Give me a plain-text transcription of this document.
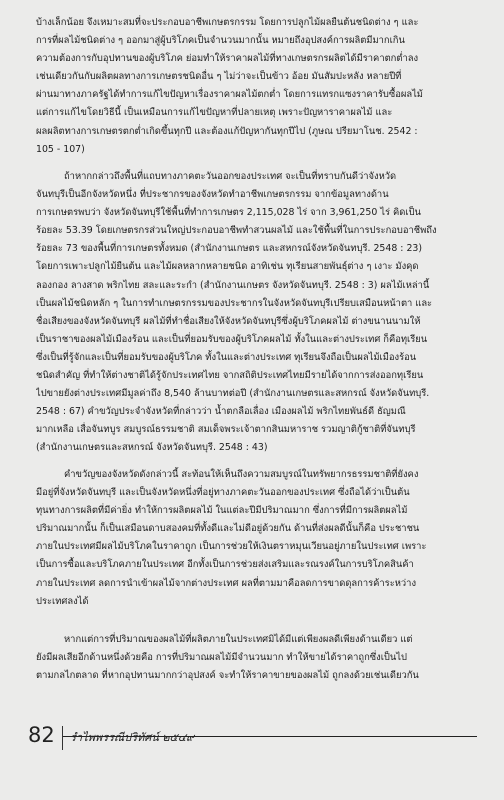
บ้างเล็กน้อย จึงเหมาะสมที่จะประกอบอาชีพเกษตรกรรม โดยการปลูกไม้ผลยืนต้นชนิดต่าง ๆ และ
การที่ผลไม้ชนิดต่าง ๆ ออกมาสู่ผู้บริโภคเป็นจำนวนมากนั้น หมายถึงอุปสงค์การผลิตมีมากเกิน
ความต้องการกับอุปทานของผู้บริโภค ย่อมทำให้ราคาผลไม้ที่ทางเกษตรกรผลิตได้มีราคาตกต่ำลง
เช่นเดียวกันกับผลิตผลทางการเกษตรชนิดอื่น ๆ ไม่ว่าจะเป็นข้าว อ้อย มันสัมปะหลัง หลายปีที่
ผ่านมาทางภาครัฐได้ทำการแก้ไขปัญหาเรื่องราคาผลไม้ตกต่ำ โดยการแทรกแซงราคารับซื้อผลไม้
แต่การแก้ไขโดยวิธีนี้ เป็นเหมือนการแก้ไขปัญหาที่ปลายเหตุ เพราะปัญหาราคาผลไม้ และ
ผลผลิตทางการเกษตรตกต่ำเกิดขึ้นทุกปี และต้องแก้ปัญหากันทุกปีไป (ภูษณ ปรียมาโนช. 2542 :
105 - 107)
ถ้าหากกล่าวถึงพื้นที่แถบทางภาคตะวันออกของประเทศ จะเป็นที่ทราบกันดีว่าจังหวัด
จันทบุรีเป็นอีกจังหวัดหนึ่ง ที่ประชากรของจังหวัดทำอาชีพเกษตรกรรม จากข้อมูลทางด้าน
การเกษตรพบว่า จังหวัดจันทบุรีใช้พื้นที่ทำการเกษตร 2,115,028 ไร่ จาก 3,961,250 ไร่ คิดเป็น
ร้อยละ 53.39 โดยเกษตรกรส่วนใหญ่ประกอบอาชีพทำสวนผลไม้ และใช้พื้นที่ในการประกอบอาชีพถึง
ร้อยละ 73 ของพื้นที่การเกษตรทั้งหมด (สำนักงานเกษตร และสหกรณ์จังหวัดจันทบุรี. 2548 : 23)
โดยการเพาะปลูกไม้ยืนต้น และไม้ผลหลากหลายชนิด อาทิเช่น ทุเรียนสายพันธุ์ต่าง ๆ เงาะ มังคุด
ลองกอง ลางสาด พริกไทย สละและระกำ (สำนักงานเกษตร จังหวัดจันทบุรี. 2548 : 3) ผลไม้เหล่านี้
เป็นผลไม้ชนิดหลัก ๆ ในการทำเกษตรกรรมของประชากรในจังหวัดจันทบุรีเปรียบเสมือนหน้าตา และ
ชื่อเสียงของจังหวัดจันทบุรี ผลไม้ที่ทำชื่อเสียงให้จังหวัดจันทบุรีซึ่งผู้บริโภคผลไม้ ต่างขนานนามให้
เป็นราชาของผลไม้เมืองร้อน และเป็นที่ยอมรับของผู้บริโภคผลไม้ ทั้งในและต่างประเทศ ก็คือทุเรียน
ซึ่งเป็นที่รู้จักและเป็นที่ยอมรับของผู้บริโภค ทั้งในและต่างประเทศ ทุเรียนจึงถือเป็นผลไม้เมืองร้อน
ชนิดสำคัญ ที่ทำให้ต่างชาติได้รู้จักประเทศไทย จากสถิติประเทศไทยมีรายได้จากการส่งออกทุเรียน
ไปขายยังต่างประเทศมีมูลค่าถึง 8,540 ล้านบาทต่อปี (สำนักงานเกษตรและสหกรณ์ จังหวัดจันทบุรี.
2548 : 67) คำขวัญประจำจังหวัดที่กล่าวว่า น้ำตกลือเลื่อง เมืองผลไม้ พริกไทยพันธ์ดี ธัญมณี
มากเหลือ เสื่อจันทบูร สมบูรณ์ธรรมชาติ สมเด็จพระเจ้าตากสินมหาราช รวมญาติกู้ชาติที่จันทบุรี
(สำนักงานเกษตรและสหกรณ์ จังหวัดจันทบุรี. 2548 : 43)
คำขวัญของจังหวัดดังกล่าวนี้ สะท้อนให้เห็นถึงความสมบูรณ์ในทรัพยากรธรรมชาติที่ยังคง
มีอยู่ที่จังหวัดจันทบุรี และเป็นจังหวัดหนึ่งที่อยู่ทางภาคตะวันออกของประเทศ ซึ่งถือได้ว่าเป็นต้น
ทุนทางการผลิตที่มีค่ายิ่ง ทำให้การผลิตผลไม้ ในแต่ละปีมีปริมาณมาก ซึ่งการที่มีการผลิตผลไม้
ปริมาณมากนั้น ก็เป็นเสมือนดาบสองคมที่ทั้งดีและไม่ดีอยู่ด้วยกัน ด้านที่ส่งผลดีนั้นก็คือ ประชาชน
ภายในประเทศมีผลไม้บริโภคในราคาถูก เป็นการช่วยให้เงินตราหมุนเวียนอยู่ภายในประเทศ เพราะ
เป็นการซื้อและบริโภคภายในประเทศ อีกทั้งเป็นการช่วยส่งเสริมและรณรงค์ในการบริโภคสินค้า
ภายในประเทศ ลดการนำเข้าผลไม้จากต่างประเทศ ผลที่ตามมาคือลดการขาดดุลการค้าระหว่าง
ประเทศลงได้
หากแต่การที่ปริมาณของผลไม้ที่ผลิตภายในประเทศมิได้มีแต่เพียงผลดีเพียงด้านเดียว แต่
ยังมีผลเสียอีกด้านหนึ่งด้วยคือ การที่ปริมาณผลไม้มีจำนวนมาก ทำให้ขายได้ราคาถูกซึ่งเป็นไป
ตามกลไกตลาด ที่หากอุปทานมากกว่าอุปสงค์ จะทำให้ราคาขายของผลไม้ ถูกลงด้วยเช่นเดียวกัน
82	รำไพพรรณีปริทัศน์ ๒๕๔๙
